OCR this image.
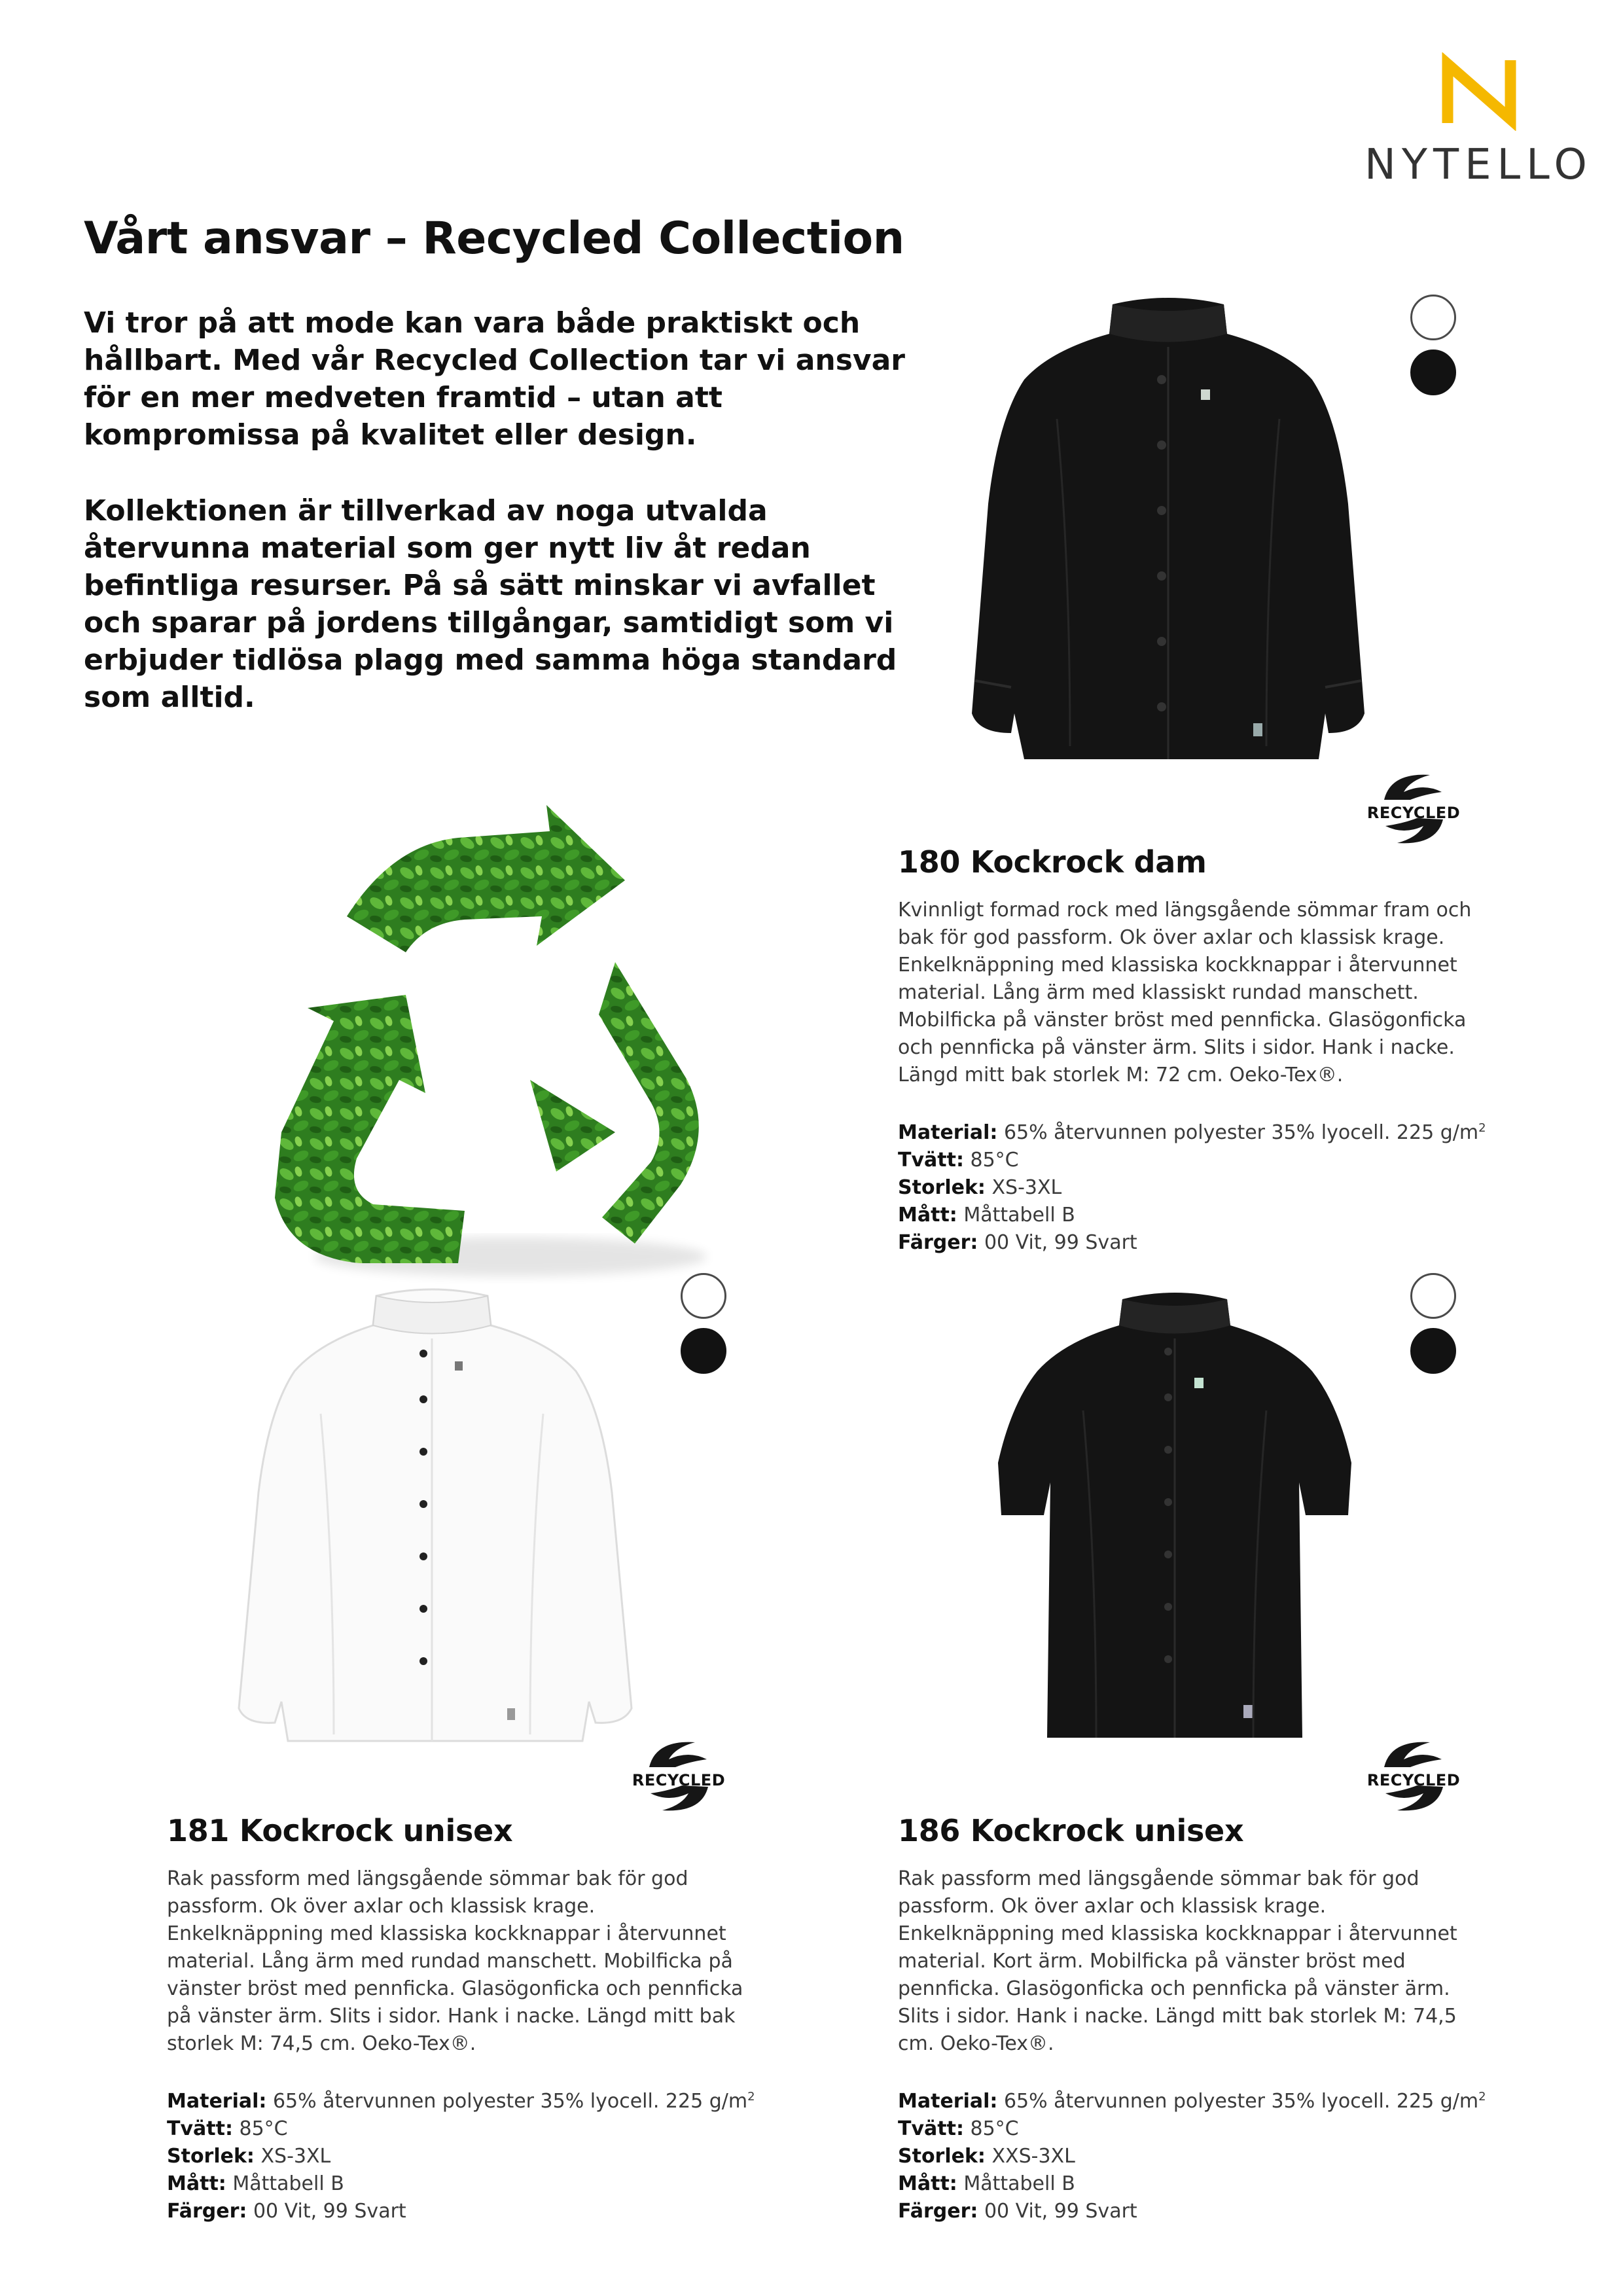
NYTELLO
Vårt ansvar – Recycled Collection

Vi tror på att mode kan vara både praktiskt och hållbart. Med vår Recycled Collection tar vi ansvar för en mer medveten framtid – utan att kompromissa på kvalitet eller design.

Kollektionen är tillverkad av noga utvalda återvunna material som ger nytt liv åt redan befintliga resurser. På så sätt minskar vi avfallet och sparar på jordens tillgångar, samtidigt som vi erbjuder tidlösa plagg med samma höga standard som alltid.

RECYCLED
RECYCLED	RECYCLED
180 Kockrock dam

Kvinnligt formad rock med längsgående sömmar fram och bak för god passform. Ok över axlar och klassisk krage. Enkelknäppning med klassiska kockknappar i återvunnet material. Lång ärm med klassiskt rundad manschett. Mobilficka på vänster bröst med pennficka. Glasögonficka och pennficka på vänster ärm. Slits i sidor. Hank i nacke. Längd mitt bak storlek M: 72 cm. Oeko-Tex®.

Material: 65% återvunnen polyester 35% lyocell. 225 $g/m^2$
Tvätt: 85°C
Storlek: XS-3XL
Mått: Måttabell B
Färger: 00 Vit, 99 Svart
181 Kockrock unisex

Rak passform med längsgående sömmar bak för god passform. Ok över axlar och klassisk krage. Enkelknäppning med klassiska kockknappar i återvunnet material. Lång ärm med rundad manschett. Mobilficka på vänster bröst med pennficka. Glasögonficka och pennficka på vänster ärm. Slits i sidor. Hank i nacke. Längd mitt bak storlek M: 74,5 cm. Oeko-Tex®.

Material: 65% återvunnen polyester 35% lyocell. 225 $g/m^2$
Tvätt: 85°C
Storlek: XS-3XL
Mått: Måttabell B
Färger: 00 Vit, 99 Svart
186 Kockrock unisex

Rak passform med längsgående sömmar bak för god passform. Ok över axlar och klassisk krage. Enkelknäppning med klassiska kockknappar i återvunnet material. Kort ärm. Mobilficka på vänster bröst med pennficka. Glasögonficka och pennficka på vänster ärm. Slits i sidor. Hank i nacke. Längd mitt bak storlek M: 74,5 cm. Oeko-Tex®.

Material: 65% återvunnen polyester 35% lyocell. 225 $g/m^2$
Tvätt: 85°C
Storlek: XXS-3XL
Mått: Måttabell B
Färger: 00 Vit, 99 Svart
